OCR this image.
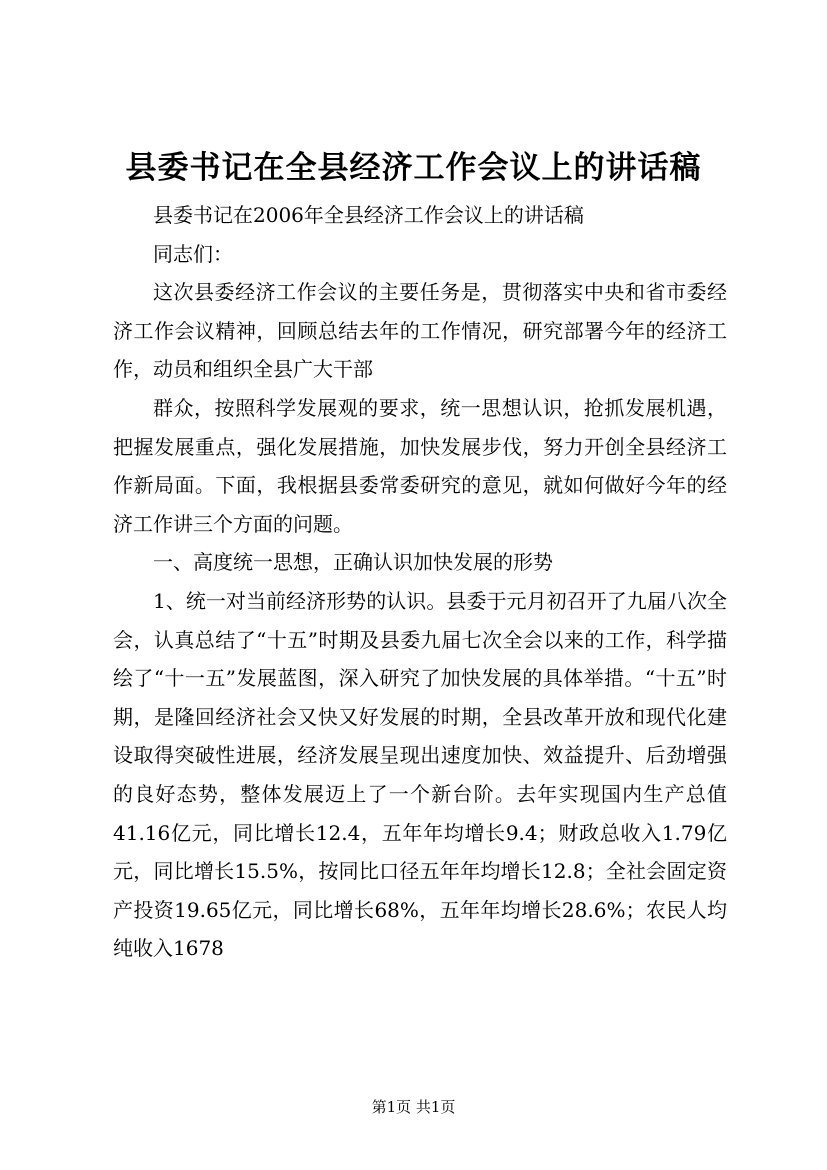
县委书记在全县经济工作会议上的讲话稿

县委书记在2006年全县经济工作会议上的讲话稿

同志们：

这次县委经济工作会议的主要任务是，贯彻落实中央和省市委经济工作会议精神，回顾总结去年的工作情况，研究部署今年的经济工作，动员和组织全县广大干部

群众，按照科学发展观的要求，统一思想认识，抢抓发展机遇，把握发展重点，强化发展措施，加快发展步伐，努力开创全县经济工作新局面。下面，我根据县委常委研究的意见，就如何做好今年的经济工作讲三个方面的问题。

一、高度统一思想，正确认识加快发展的形势

1、统一对当前经济形势的认识。县委于元月初召开了九届八次全会，认真总结了“十五”时期及县委九届七次全会以来的工作，科学描绘了“十一五”发展蓝图，深入研究了加快发展的具体举措。“十五”时期，是隆回经济社会又快又好发展的时期，全县改革开放和现代化建设取得突破性进展，经济发展呈现出速度加快、效益提升、后劲增强的良好态势，整体发展迈上了一个新台阶。去年实现国内生产总值41.16亿元，同比增长12.4，五年年均增长9.4；财政总收入1.79亿元，同比增长15.5%，按同比口径五年年均增长12.8；全社会固定资产投资19.65亿元，同比增长68%，五年年均增长28.6%；农民人均纯收入1678

第1页 共1页
